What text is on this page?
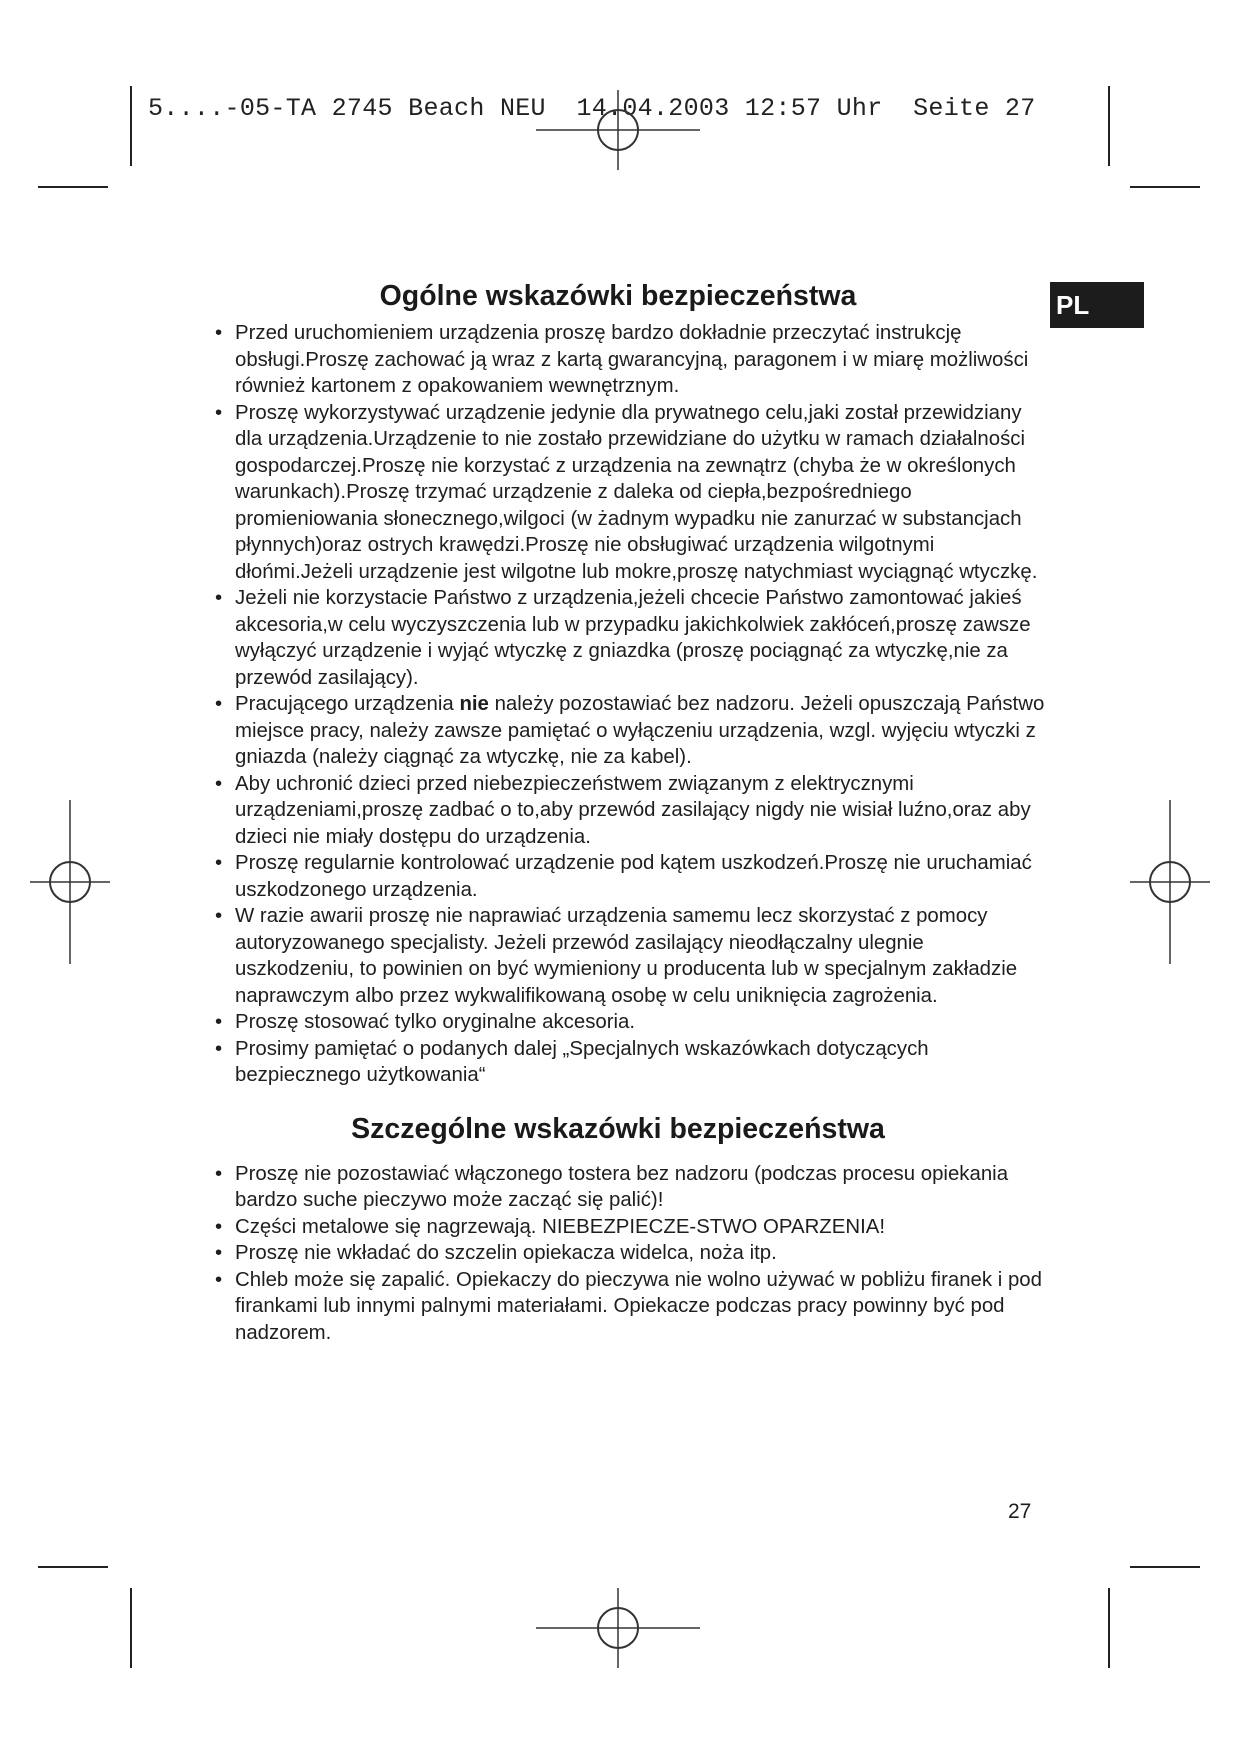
5....-05-TA 2745 Beach NEU  14.04.2003 12:57 Uhr  Seite 27
PL
Ogólne wskazówki bezpieczeństwa
• Przed uruchomieniem urządzenia proszę bardzo dokładnie przeczytać instrukcję obsługi.Proszę zachować ją wraz z kartą gwarancyjną, paragonem i w miarę możliwości również kartonem z opakowaniem wewnętrznym.
• Proszę wykorzystywać urządzenie jedynie dla prywatnego celu,jaki został przewidziany dla urządzenia.Urządzenie to nie zostało przewidziane do użytku w ramach działalności gospodarczej.Proszę nie korzystać z urządzenia na zewnątrz (chyba że w określonych warunkach).Proszę trzymać urządzenie z daleka od ciepła,bezpośredniego promieniowania słonecznego,wilgoci (w żadnym wypadku nie zanurzać w substancjach płynnych)oraz ostrych krawędzi.Proszę nie obsługiwać urządzenia wilgotnymi dłońmi.Jeżeli urządzenie jest wilgotne lub mokre,proszę natychmiast wyciągnąć wtyczkę.
• Jeżeli nie korzystacie Państwo z urządzenia,jeżeli chcecie Państwo zamontować jakieś akcesoria,w celu wyczyszczenia lub w przypadku jakichkolwiek zakłóceń,proszę zawsze wyłączyć urządzenie i wyjąć wtyczkę z gniazdka (proszę pociągnąć za wtyczkę,nie za przewód zasilający).
• Pracującego urządzenia nie należy pozostawiać bez nadzoru. Jeżeli opuszczają Państwo miejsce pracy, należy zawsze pamiętać o wyłączeniu urządzenia, wzgl. wyjęciu wtyczki z gniazda (należy ciągnąć za wtyczkę, nie za kabel).
• Aby uchronić dzieci przed niebezpieczeństwem związanym z elektrycznymi urządzeniami,proszę zadbać o to,aby przewód zasilający nigdy nie wisiał luźno,oraz aby dzieci nie miały dostępu do urządzenia.
• Proszę regularnie kontrolować urządzenie pod kątem uszkodzeń.Proszę nie uruchamiać uszkodzonego urządzenia.
• W razie awarii proszę nie naprawiać urządzenia samemu lecz skorzystać z pomocy autoryzowanego specjalisty. Jeżeli przewód zasilający nieodłączalny ulegnie uszkodzeniu, to powinien on być wymieniony u producenta lub w specjalnym zakładzie naprawczym albo przez wykwalifikowaną osobę w celu uniknięcia zagrożenia.
• Proszę stosować tylko oryginalne akcesoria.
• Prosimy pamiętać o podanych dalej „Specjalnych wskazówkach dotyczących bezpiecznego użytkowania“
Szczególne wskazówki bezpieczeństwa
• Proszę nie pozostawiać włączonego tostera bez nadzoru (podczas procesu opiekania bardzo suche pieczywo może zacząć się palić)!
• Części metalowe się nagrzewają. NIEBEZPIECZE-STWO OPARZENIA!
• Proszę nie wkładać do szczelin opiekacza widelca, noża itp.
• Chleb może się zapalić. Opiekaczy do pieczywa nie wolno używać w pobliżu firanek i pod firankami lub innymi palnymi materiałami. Opiekacze podczas pracy powinny być pod nadzorem.
27
